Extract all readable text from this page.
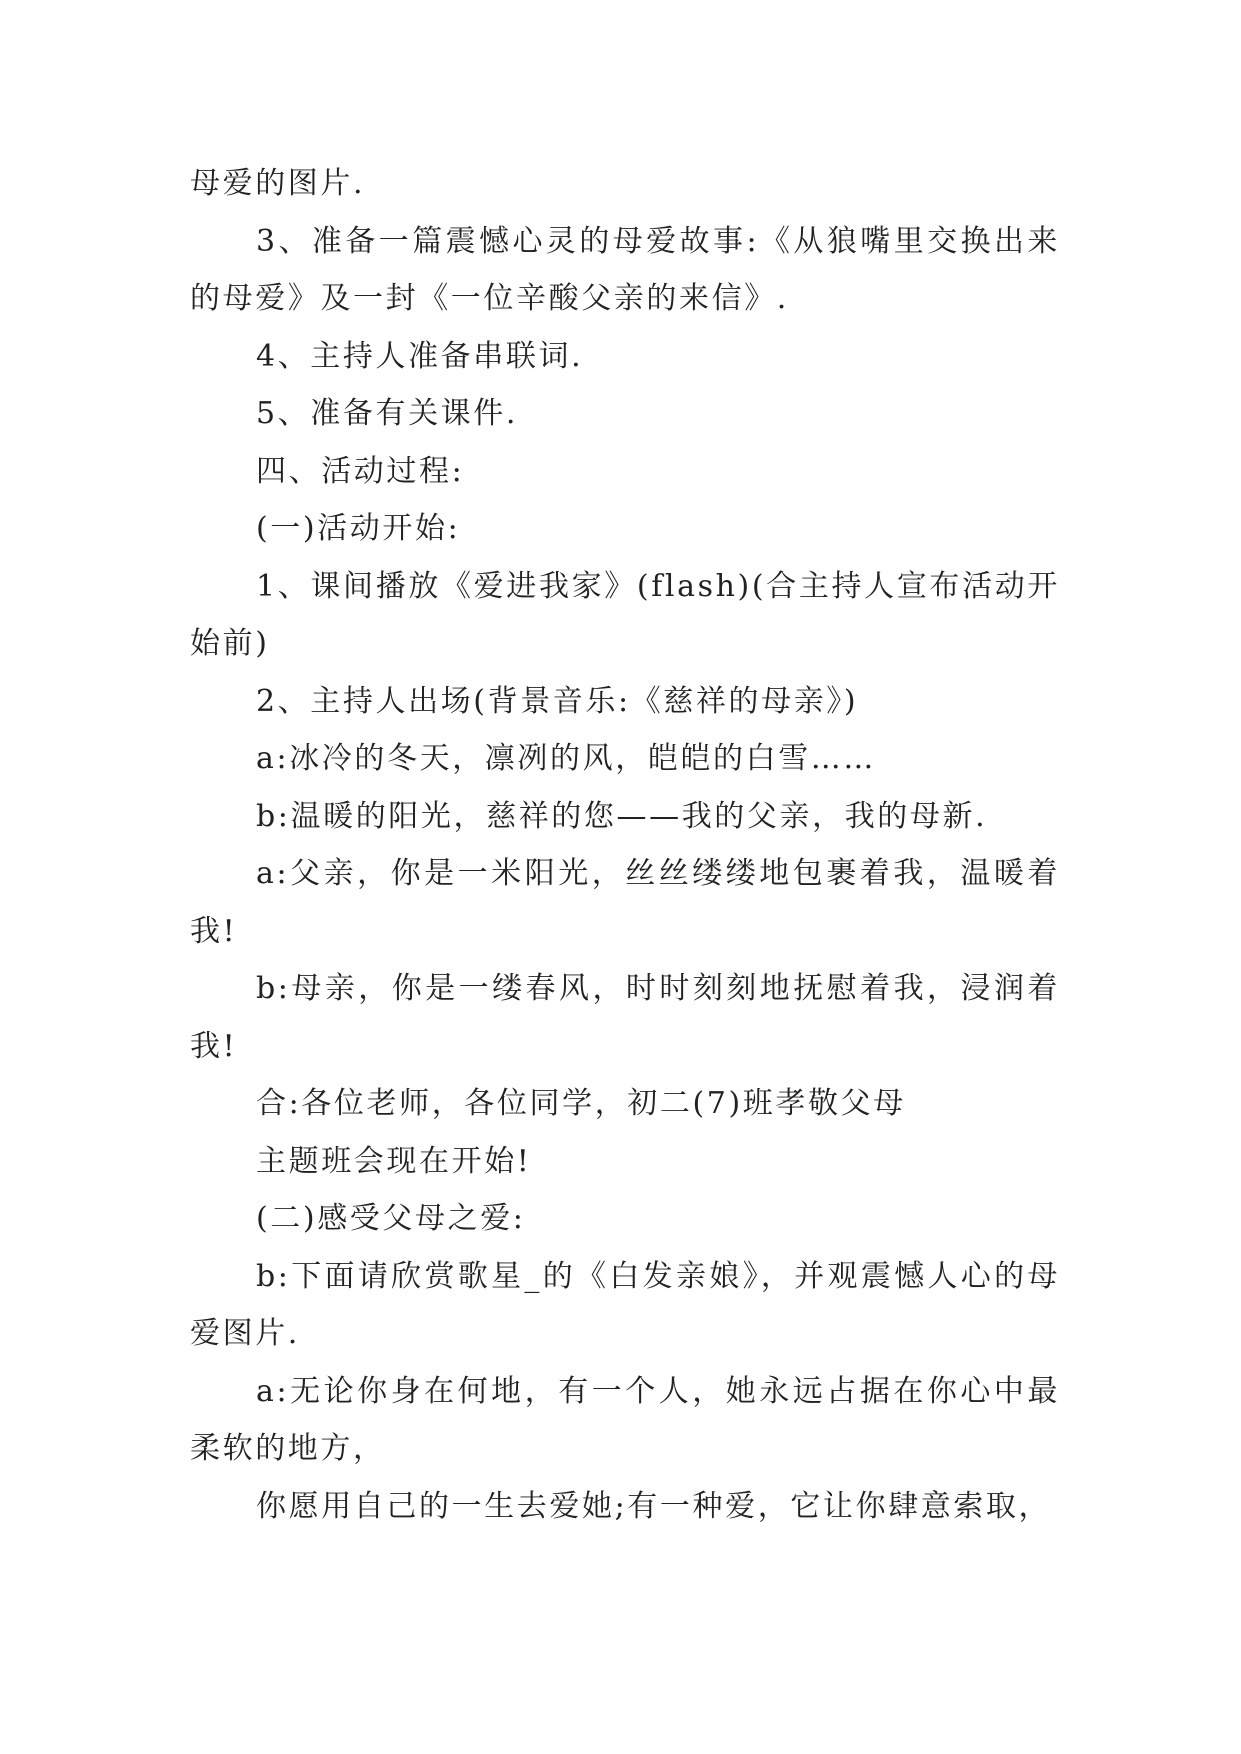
母爱的图片.

3、准备一篇震憾心灵的母爱故事:《从狼嘴里交换出来的母爱》及一封《一位辛酸父亲的来信》.

4、主持人准备串联词.

5、准备有关课件.

四、活动过程:

(一)活动开始:

1、课间播放《爱进我家》(flash)(合主持人宣布活动开始前)

2、主持人出场(背景音乐:《慈祥的母亲》)

a:冰冷的冬天，凛冽的风，皑皑的白雪……

b:温暖的阳光，慈祥的您——我的父亲，我的母新.

a:父亲，你是一米阳光，丝丝缕缕地包裹着我，温暖着我!

b:母亲，你是一缕春风，时时刻刻地抚慰着我，浸润着我!

合:各位老师，各位同学，初二(7)班孝敬父母

主题班会现在开始!

(二)感受父母之爱:

b:下面请欣赏歌星_的《白发亲娘》，并观震憾人心的母爱图片.

a:无论你身在何地，有一个人，她永远占据在你心中最柔软的地方，

你愿用自己的一生去爱她;有一种爱，它让你肆意索取，
